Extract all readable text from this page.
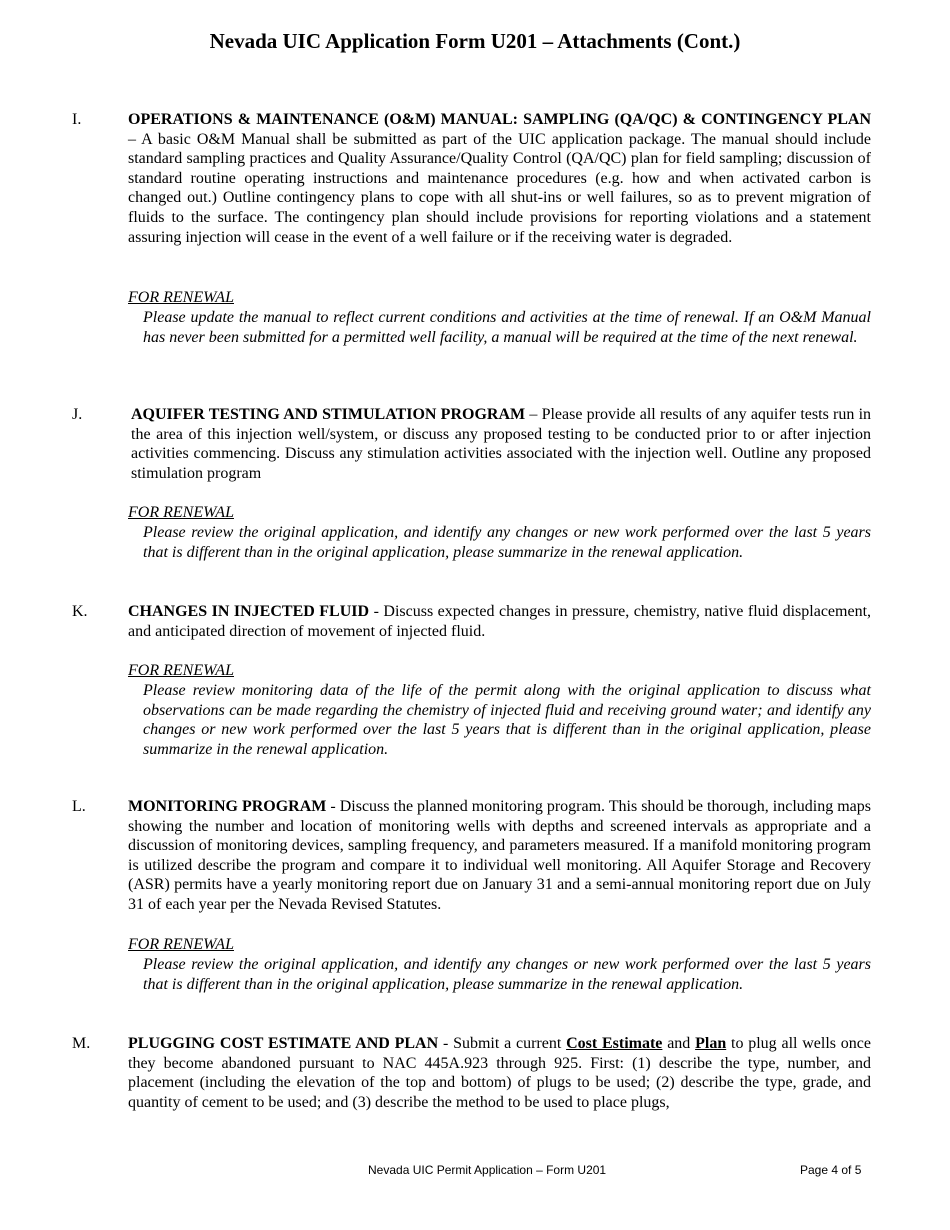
Nevada UIC Application Form U201 – Attachments (Cont.)
I.	OPERATIONS & MAINTENANCE (O&M) MANUAL: SAMPLING (QA/QC) & CONTINGENCY PLAN – A basic O&M Manual shall be submitted as part of the UIC application package. The manual should include standard sampling practices and Quality Assurance/Quality Control (QA/QC) plan for field sampling; discussion of standard routine operating instructions and maintenance procedures (e.g. how and when activated carbon is changed out.) Outline contingency plans to cope with all shut-ins or well failures, so as to prevent migration of fluids to the surface. The contingency plan should include provisions for reporting violations and a statement assuring injection will cease in the event of a well failure or if the receiving water is degraded.
FOR RENEWAL
Please update the manual to reflect current conditions and activities at the time of renewal. If an O&M Manual has never been submitted for a permitted well facility, a manual will be required at the time of the next renewal.
J.	AQUIFER TESTING AND STIMULATION PROGRAM – Please provide all results of any aquifer tests run in the area of this injection well/system, or discuss any proposed testing to be conducted prior to or after injection activities commencing. Discuss any stimulation activities associated with the injection well. Outline any proposed stimulation program
FOR RENEWAL
Please review the original application, and identify any changes or new work performed over the last 5 years that is different than in the original application, please summarize in the renewal application.
K.	CHANGES IN INJECTED FLUID - Discuss expected changes in pressure, chemistry, native fluid displacement, and anticipated direction of movement of injected fluid.
FOR RENEWAL
Please review monitoring data of the life of the permit along with the original application to discuss what observations can be made regarding the chemistry of injected fluid and receiving ground water; and identify any changes or new work performed over the last 5 years that is different than in the original application, please summarize in the renewal application.
L.	MONITORING PROGRAM - Discuss the planned monitoring program. This should be thorough, including maps showing the number and location of monitoring wells with depths and screened intervals as appropriate and a discussion of monitoring devices, sampling frequency, and parameters measured. If a manifold monitoring program is utilized describe the program and compare it to individual well monitoring. All Aquifer Storage and Recovery (ASR) permits have a yearly monitoring report due on January 31 and a semi-annual monitoring report due on July 31 of each year per the Nevada Revised Statutes.
FOR RENEWAL
Please review the original application, and identify any changes or new work performed over the last 5 years that is different than in the original application, please summarize in the renewal application.
M. PLUGGING COST ESTIMATE AND PLAN - Submit a current Cost Estimate and Plan to plug all wells once they become abandoned pursuant to NAC 445A.923 through 925. First: (1) describe the type, number, and placement (including the elevation of the top and bottom) of plugs to be used; (2) describe the type, grade, and quantity of cement to be used; and (3) describe the method to be used to place plugs,
Nevada UIC Permit Application – Form U201	Page 4 of 5
